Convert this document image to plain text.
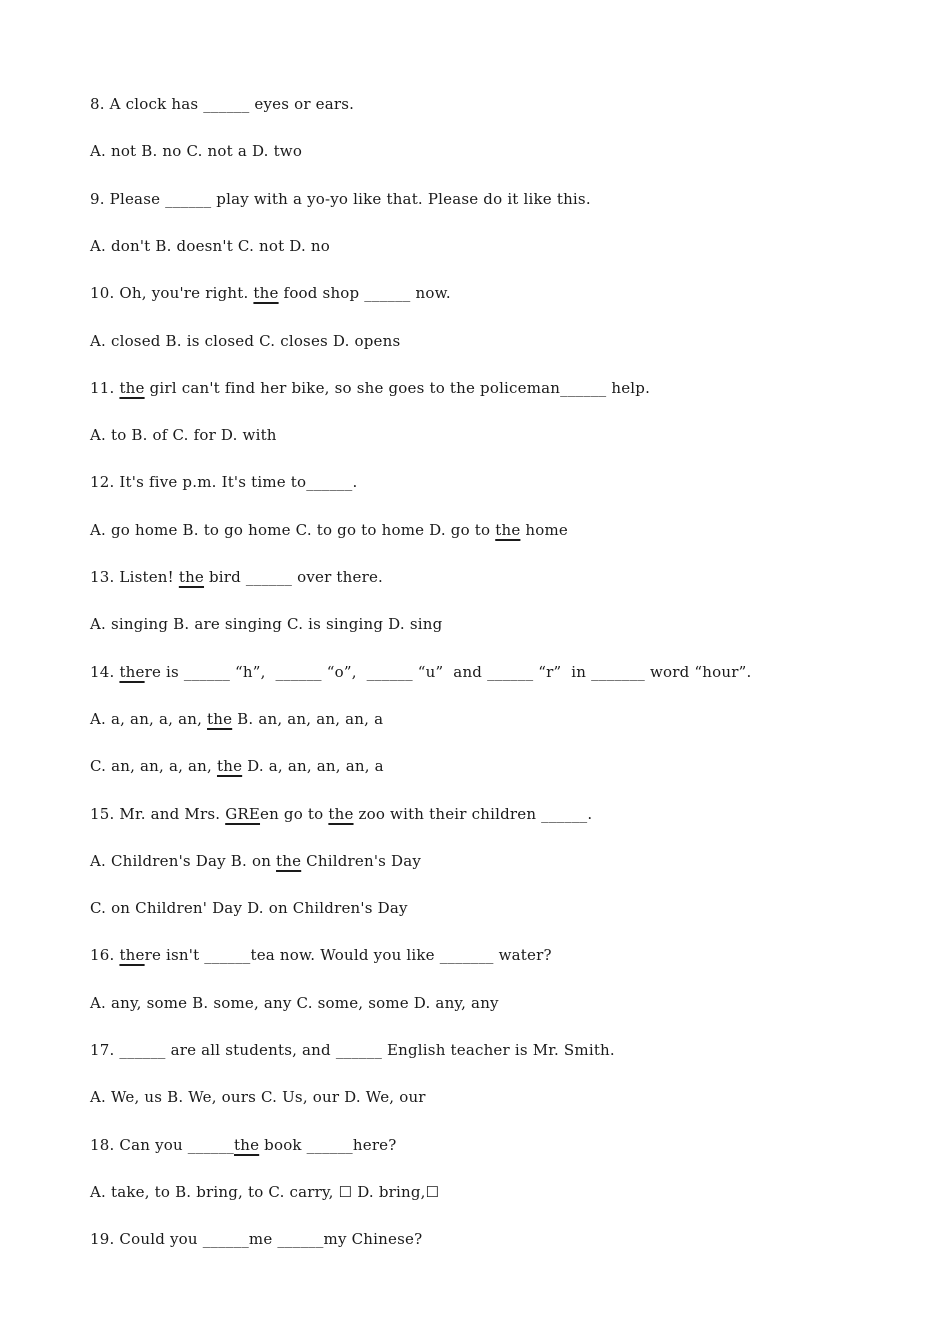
8. A clock has ______ eyes or ears.
A. not B. no C. not a D. two
9. Please ______ play with a yo-yo like that. Please do it like this.
A. don't B. doesn't C. not D. no
10. Oh, you're right. the food shop ______ now.
A. closed B. is closed C. closes D. opens
11. the girl can't find her bike, so she goes to the policeman______ help.
A. to B. of C. for D. with
12. It's five p.m. It's time to______.
A. go home B. to go home C. to go to home D. go to the home
13. Listen! the bird ______ over there.
A. singing B. are singing C. is singing D. sing
14. there is ______ “h”,  ______ “o”,  ______ “u”  and ______ “r”  in _______ word “hour”.
A. a, an, a, an, the B. an, an, an, an, a
C. an, an, a, an, the D. a, an, an, an, a
15. Mr. and Mrs. GREen go to the zoo with their children ______.
A. Children's Day B. on the Children's Day
C. on Children' Day D. on Children's Day
16. there isn't ______tea now. Would you like _______ water?
A. any, some B. some, any C. some, some D. any, any
17. ______ are all students, and ______ English teacher is Mr. Smith.
A. We, us B. We, ours C. Us, our D. We, our
18. Can you ______the book ______here?
A. take, to B. bring, to C. carry, ☐ D. bring,☐
19. Could you ______me ______my Chinese?
